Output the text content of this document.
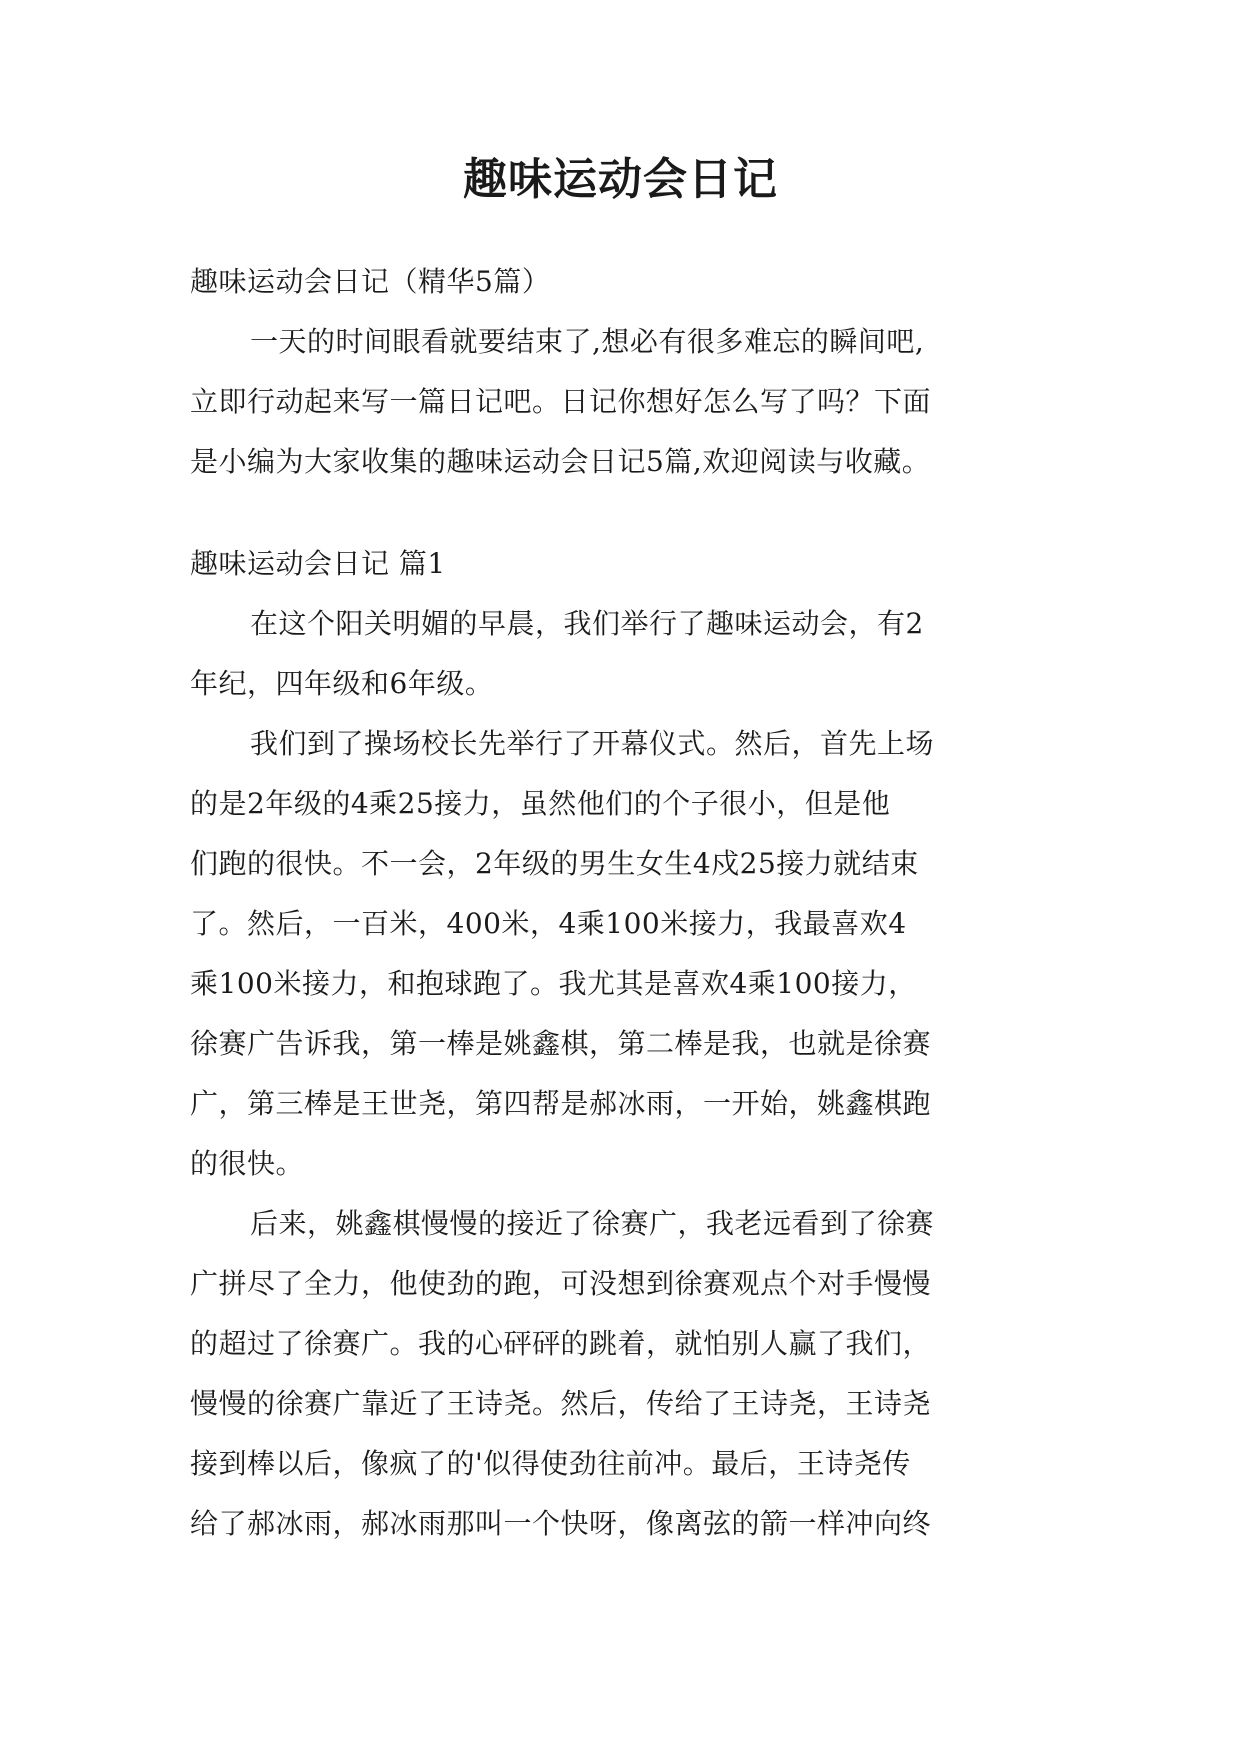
趣味运动会日记

趣味运动会日记（精华5篇）

一天的时间眼看就要结束了,想必有很多难忘的瞬间吧,

立即行动起来写一篇日记吧。日记你想好怎么写了吗？下面

是小编为大家收集的趣味运动会日记5篇,欢迎阅读与收藏。

趣味运动会日记 篇1

在这个阳关明媚的早晨，我们举行了趣味运动会，有2

年纪，四年级和6年级。

我们到了操场校长先举行了开幕仪式。然后，首先上场

的是2年级的4乘25接力，虽然他们的个子很小，但是他

们跑的很快。不一会，2年级的男生女生4戍25接力就结束

了。然后，一百米，400米，4乘100米接力，我最喜欢4

乘100米接力，和抱球跑了。我尤其是喜欢4乘100接力，

徐赛广告诉我，第一棒是姚鑫棋，第二棒是我，也就是徐赛

广，第三棒是王世尧，第四帮是郝冰雨，一开始，姚鑫棋跑

的很快。

后来，姚鑫棋慢慢的接近了徐赛广，我老远看到了徐赛

广拼尽了全力，他使劲的跑，可没想到徐赛观点个对手慢慢

的超过了徐赛广。我的心砰砰的跳着，就怕别人赢了我们，

慢慢的徐赛广靠近了王诗尧。然后，传给了王诗尧，王诗尧

接到棒以后，像疯了的'似得使劲往前冲。最后，王诗尧传

给了郝冰雨，郝冰雨那叫一个快呀，像离弦的箭一样冲向终
